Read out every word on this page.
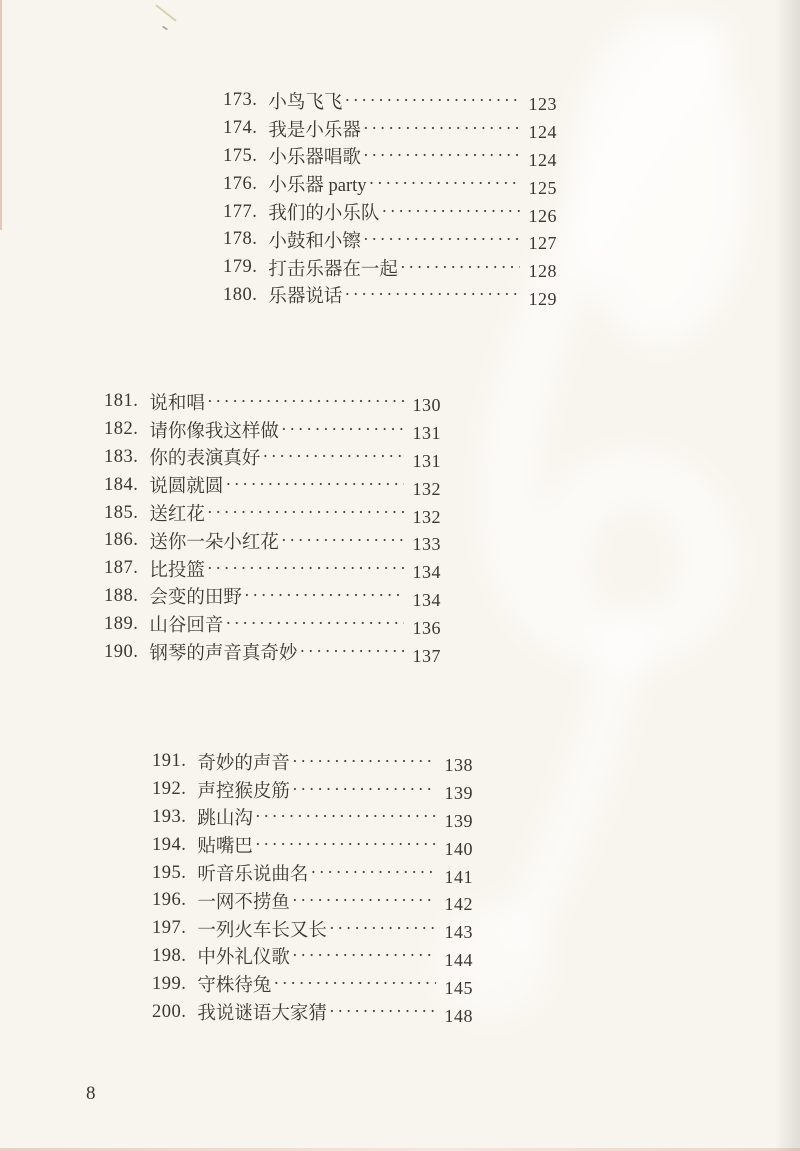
173. 小鸟飞飞 ·····	123
174. 我是小乐器 ·····	124
175. 小乐器唱歌 ·····	124
176. 小乐器 party ·····	125
177. 我们的小乐队 ·····	126
178. 小鼓和小镲 ·····	127
179. 打击乐器在一起 ·····	128
180. 乐器说话 ·····	129
181. 说和唱 ·····	130
182. 请你像我这样做 ·····	131
183. 你的表演真好 ·····	131
184. 说圆就圆 ·····	132
185. 送红花 ·····	132
186. 送你一朵小红花 ·····	133
187. 比投篮 ·····	134
188. 会变的田野 ·····	134
189. 山谷回音 ·····	136
190. 钢琴的声音真奇妙 ·····	137
191. 奇妙的声音 ·····	138
192. 声控猴皮筋 ·····	139
193. 跳山沟 ·····	139
194. 贴嘴巴 ·····	140
195. 听音乐说曲名 ·····	141
196. 一网不捞鱼 ·····	142
197. 一列火车长又长 ·····	143
198. 中外礼仪歌 ·····	144
199. 守株待兔 ·····	145
200. 我说谜语大家猜 ·····	148
8
